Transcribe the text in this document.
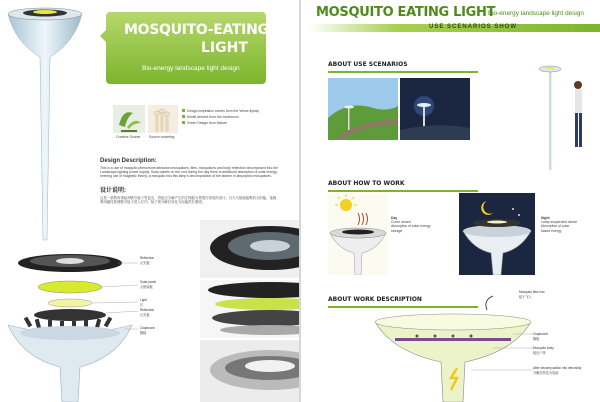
MOSQUITO-EATING
LIGHT
Bio-energy landscape light design
Creative Source	Source modeling
Design inspiration comes from the Venus flytrap
Model derived from the mushroom
Green Design from Nature
Design Description:
This is a use of mosquito pheromone attraction mosquitoes, flies, mosquitoes and body reflection decomposed into the Landscape lighting power supply. Solar panels on the roof during the day there is additional absorption of solar energy, evening use of magnetic theory, a mosquito into this lamp's decomposition of the lantern in absorption mosquitoes.
设计说明:
这是一款利用诱蚊剂吸引蚊子等昆虫，将蚊虫分解产生的生物能为景观灯供电的设计。白天太阳能板吸收太阳能，夜晚利用磁性原理吸引蚊子进入灯内，蚊子被分解后转化为电能供灯照明。
Reflection
反光板
Solar panel
太阳能板
Light
灯
Reflection
反光板
Clapboard
隔板
MOSQUITO EATING LIGHT
Bio-energy landscape light design
USE SCENARIOS SHOW
ABOUT USE SCENARIOS
ABOUT HOW TO WORK
Day
Cover closed
Absorption of solar energy
storage
Night
Lamp suspended above
Absorption of solar
based energy
ABOUT WORK DESCRIPTION
Mosquito flew into
蚊子飞入
Clapboard
隔板
Mosquito body
蚊虫尸体
After decomposition into electricity
分解后转化为电能
